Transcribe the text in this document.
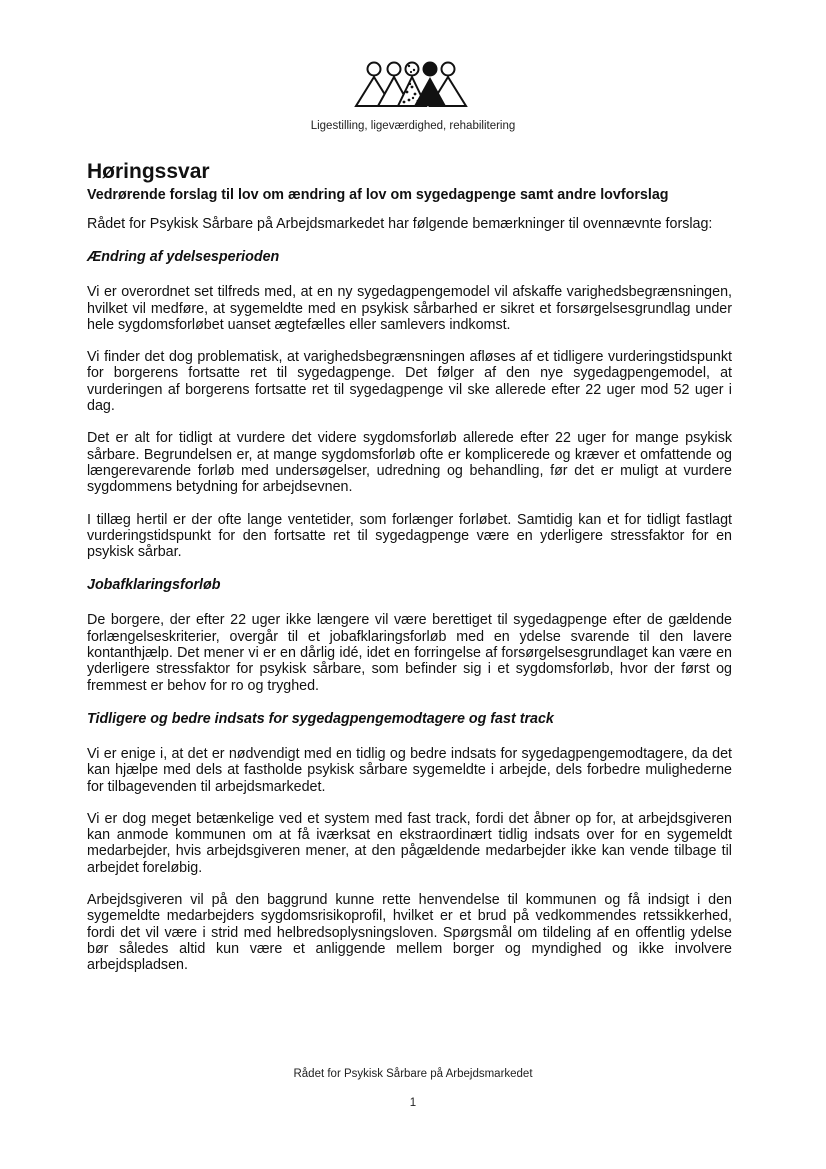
Ligestilling, ligeværdighed, rehabilitering
Høringssvar
Vedrørende forslag til lov om ændring af lov om sygedagpenge samt andre lovforslag

Rådet for Psykisk Sårbare på Arbejdsmarkedet har følgende bemærkninger til ovennævnte forslag:

Ændring af ydelsesperioden

Vi er overordnet set tilfreds med, at en ny sygedagpengemodel vil afskaffe varighedsbegrænsningen, hvilket vil medføre, at sygemeldte med en psykisk sårbarhed er sikret et forsørgelsesgrundlag under hele sygdomsforløbet uanset ægtefælles eller samlevers indkomst.

Vi finder det dog problematisk, at varighedsbegrænsningen afløses af et tidligere vurderingstidspunkt for borgerens fortsatte ret til sygedagpenge. Det følger af den nye sygedagpengemodel, at vurderingen af borgerens fortsatte ret til sygedagpenge vil ske allerede efter 22 uger mod 52 uger i dag.

Det er alt for tidligt at vurdere det videre sygdomsforløb allerede efter 22 uger for mange psykisk sårbare. Begrundelsen er, at mange sygdomsforløb ofte er komplicerede og kræver et omfattende og længerevarende forløb med undersøgelser, udredning og behandling, før det er muligt at vurdere sygdommens betydning for arbejdsevnen.

I tillæg hertil er der ofte lange ventetider, som forlænger forløbet. Samtidig kan et for tidligt fastlagt vurderingstidspunkt for den fortsatte ret til sygedagpenge være en yderligere stressfaktor for en psykisk sårbar.

Jobafklaringsforløb

De borgere, der efter 22 uger ikke længere vil være berettiget til sygedagpenge efter de gældende forlængelseskriterier, overgår til et jobafklaringsforløb med en ydelse svarende til den lavere kontanthjælp. Det mener vi er en dårlig idé, idet en forringelse af forsørgelsesgrundlaget kan være en yderligere stressfaktor for psykisk sårbare, som befinder sig i et sygdomsforløb, hvor der først og fremmest er behov for ro og tryghed.

Tidligere og bedre indsats for sygedagpengemodtagere og fast track

Vi er enige i, at det er nødvendigt med en tidlig og bedre indsats for sygedagpengemodtagere, da det kan hjælpe med dels at fastholde psykisk sårbare sygemeldte i arbejde, dels forbedre mulighederne for tilbagevenden til arbejdsmarkedet.

Vi er dog meget betænkelige ved et system med fast track, fordi det åbner op for, at arbejdsgiveren kan anmode kommunen om at få iværksat en ekstraordinært tidlig indsats over for en sygemeldt medarbejder, hvis arbejdsgiveren mener, at den pågældende medarbejder ikke kan vende tilbage til arbejdet foreløbig.

Arbejdsgiveren vil på den baggrund kunne rette henvendelse til kommunen og få indsigt i den sygemeldte medarbejders sygdomsrisikoprofil, hvilket er et brud på vedkommendes retssikkerhed, fordi det vil være i strid med helbredsoplysningsloven. Spørgsmål om tildeling af en offentlig ydelse bør således altid kun være et anliggende mellem borger og myndighed og ikke involvere arbejdspladsen.

Rådet for Psykisk Sårbare på Arbejdsmarkedet
1
